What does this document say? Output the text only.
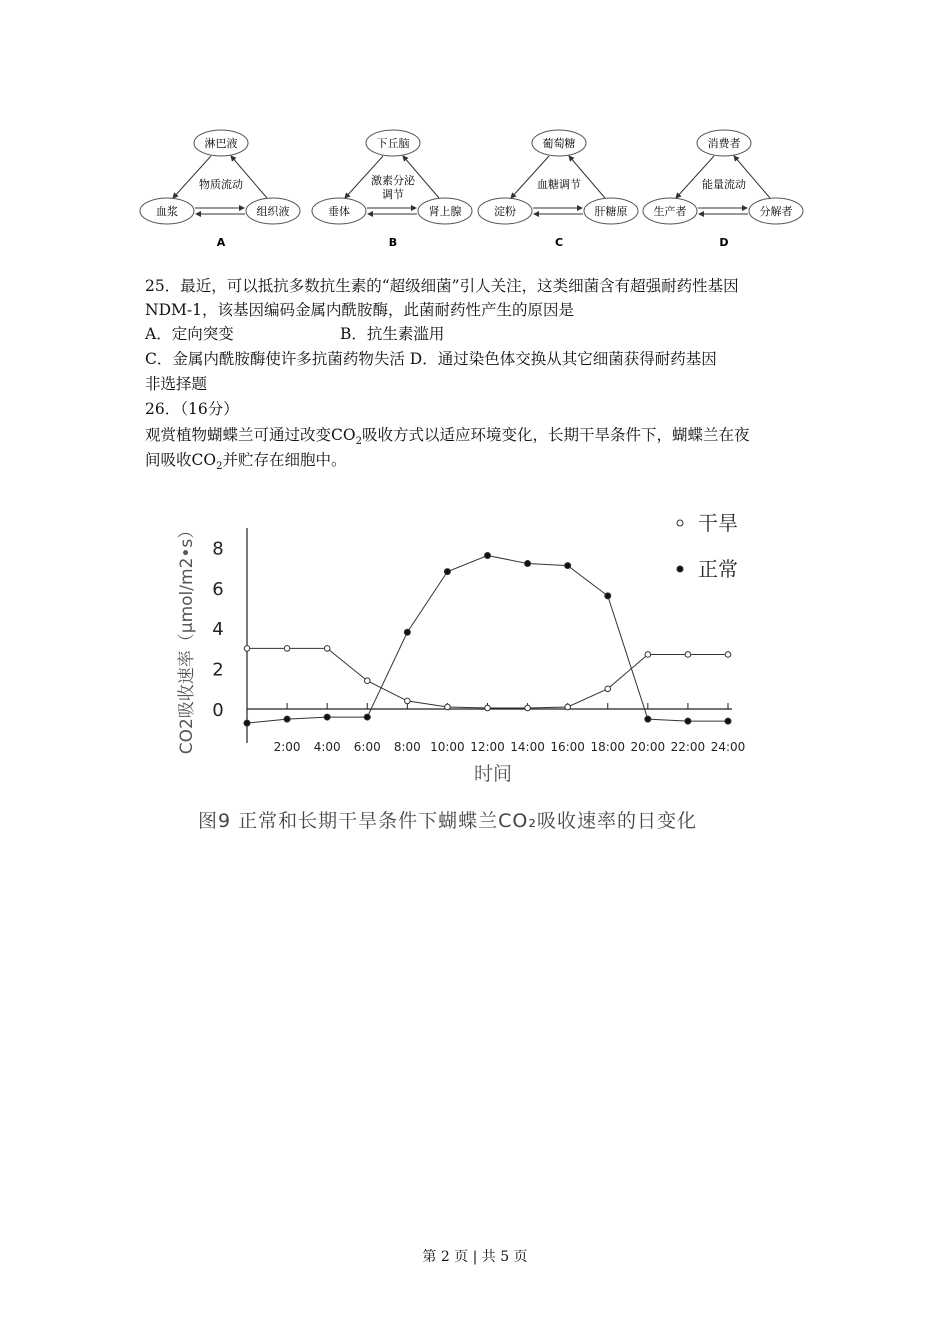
淋巴液
血浆	组织液
物质流动
A
下丘脑
垂体	肾上腺
激素分泌
调节
B
葡萄糖
淀粉	肝糖原
血糖调节
C
消费者
生产者	分解者
能量流动
D
25．最近，可以抵抗多数抗生素的“超级细菌”引人关注，这类细菌含有超强耐药性基因
NDM-1，该基因编码金属内酰胺酶，此菌耐药性产生的原因是
A．定向突变	B．抗生素滥用
C．金属内酰胺酶使许多抗菌药物失活 D．通过染色体交换从其它细菌获得耐药基因
非选择题
26．（16分）
观赏植物蝴蝶兰可通过改变$CO_2$吸收方式以适应环境变化，长期干旱条件下，蝴蝶兰在夜
间吸收$CO_2$并贮存在细胞中。
0
2
4
6
8
2:00 4:00 6:00 8:00 10:00 12:00 14:00 16:00 18:00 20:00 22:00 24:00
时间
CO2吸收速率（μmol/m2•s）	干旱
正常
图9 正常和长期干旱条件下蝴蝶兰CO₂吸收速率的日变化
第 2 页 | 共 5 页
